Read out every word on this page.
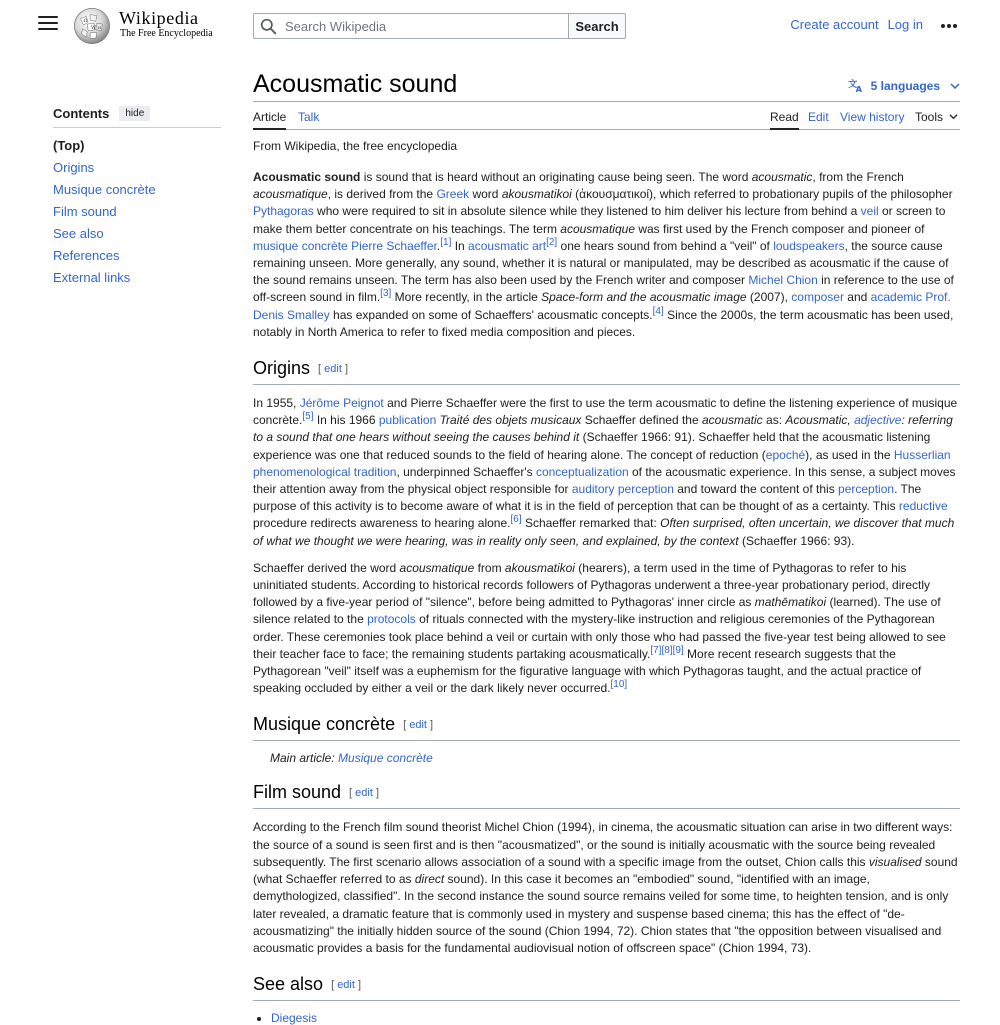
Ω
W И Wikipedia
The Free Encyclopedia
Search Wikipedia	Search	Create account Log in
Contents	hide
(Top)
Origins
Musique concrète
Film sound
See also
References
External links
Acousmatic sound	文
A 5 languages
Article Talk	Read Edit View history Tools
From Wikipedia, the free encyclopedia

Acousmatic sound is sound that is heard without an originating cause being seen. The word acousmatic, from the French acousmatique, is derived from the Greek word akousmatikoi (ἀκουσματικοί), which referred to probationary pupils of the philosopher Pythagoras who were required to sit in absolute silence while they listened to him deliver his lecture from behind a veil or screen to make them better concentrate on his teachings. The term acousmatique was first used by the French composer and pioneer of musique concrète Pierre Schaeffer.[1] In acousmatic art[2] one hears sound from behind a "veil" of loudspeakers, the source cause remaining unseen. More generally, any sound, whether it is natural or manipulated, may be described as acousmatic if the cause of the sound remains unseen. The term has also been used by the French writer and composer Michel Chion in reference to the use of off-screen sound in film.[3] More recently, in the article Space-form and the acousmatic image (2007), composer and academic Prof. Denis Smalley has expanded on some of Schaeffers' acousmatic concepts.[4] Since the 2000s, the term acousmatic has been used, notably in North America to refer to fixed media composition and pieces.

Origins [ edit ]

In 1955, Jérôme Peignot and Pierre Schaeffer were the first to use the term acousmatic to define the listening experience of musique concrète.[5] In his 1966 publication Traité des objets musicaux Schaeffer defined the acousmatic as: Acousmatic, adjective: referring to a sound that one hears without seeing the causes behind it (Schaeffer 1966: 91). Schaeffer held that the acousmatic listening experience was one that reduced sounds to the field of hearing alone. The concept of reduction (epoché), as used in the Husserlian phenomenological tradition, underpinned Schaeffer's conceptualization of the acousmatic experience. In this sense, a subject moves their attention away from the physical object responsible for auditory perception and toward the content of this perception. The purpose of this activity is to become aware of what it is in the field of perception that can be thought of as a certainty. This reductive procedure redirects awareness to hearing alone.[6] Schaeffer remarked that: Often surprised, often uncertain, we discover that much of what we thought we were hearing, was in reality only seen, and explained, by the context (Schaeffer 1966: 93).

Schaeffer derived the word acousmatique from akousmatikoi (hearers), a term used in the time of Pythagoras to refer to his uninitiated students. According to historical records followers of Pythagoras underwent a three-year probationary period, directly followed by a five-year period of "silence", before being admitted to Pythagoras' inner circle as mathēmatikoi (learned). The use of silence related to the protocols of rituals connected with the mystery-like instruction and religious ceremonies of the Pythagorean order. These ceremonies took place behind a veil or curtain with only those who had passed the five-year test being allowed to see their teacher face to face; the remaining students partaking acousmatically.[7][8][9] More recent research suggests that the Pythagorean "veil" itself was a euphemism for the figurative language with which Pythagoras taught, and the actual practice of speaking occluded by either a veil or the dark likely never occurred.[10]

Musique concrète [ edit ]
Main article: Musique concrète
Film sound [ edit ]

According to the French film sound theorist Michel Chion (1994), in cinema, the acousmatic situation can arise in two different ways: the source of a sound is seen first and is then "acousmatized", or the sound is initially acousmatic with the source being revealed subsequently. The first scenario allows association of a sound with a specific image from the outset, Chion calls this visualised sound (what Schaeffer referred to as direct sound). In this case it becomes an "embodied" sound, "identified with an image, demythologized, classified". In the second instance the sound source remains veiled for some time, to heighten tension, and is only later revealed, a dramatic feature that is commonly used in mystery and suspense based cinema; this has the effect of "de-acousmatizing" the initially hidden source of the sound (Chion 1994, 72). Chion states that "the opposition between visualised and acousmatic provides a basis for the fundamental audiovisual notion of offscreen space" (Chion 1994, 73).

See also [ edit ]
• Diegesis
